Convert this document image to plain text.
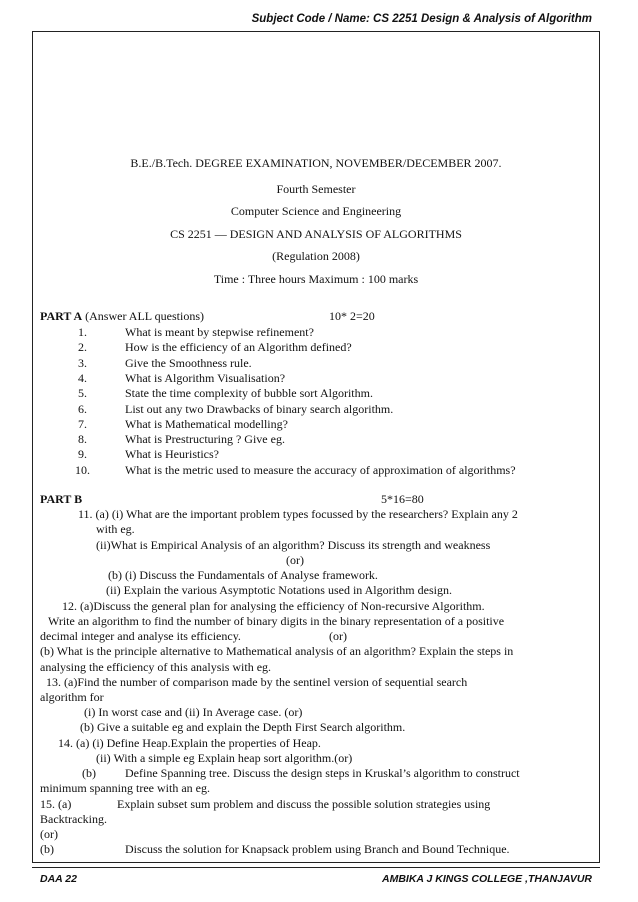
Subject Code / Name: CS 2251 Design & Analysis of Algorithm
B.E./B.Tech. DEGREE EXAMINATION, NOVEMBER/DECEMBER 2007.
Fourth Semester
Computer Science and Engineering
CS 2251 — DESIGN AND ANALYSIS OF ALGORITHMS
(Regulation 2008)
Time : Three hours Maximum : 100 marks
PART A (Answer ALL questions)	10* 2=20
1.	What is meant by stepwise refinement?
2.	How is the efficiency of an Algorithm defined?
3.	Give the Smoothness rule.
4.	What is Algorithm Visualisation?
5.	State the time complexity of bubble sort Algorithm.
6.	List out any two Drawbacks of binary search algorithm.
7.	What is Mathematical modelling?
8.	What is Prestructuring ? Give eg.
9.	What is Heuristics?
10.	What is the metric used to measure the accuracy of approximation of algorithms?
PART B	5*16=80
11. (a) (i) What are the important problem types focussed by the researchers? Explain any 2
with eg.
(ii)What is Empirical Analysis of an algorithm? Discuss its strength and weakness
(or)
(b) (i) Discuss the Fundamentals of Analyse framework.
(ii) Explain the various Asymptotic Notations used in Algorithm design.
12. (a)Discuss the general plan for analysing the efficiency of Non-recursive Algorithm.
Write an algorithm to find the number of binary digits in the binary representation of a positive
decimal integer and analyse its efficiency.	(or)
(b) What is the principle alternative to Mathematical analysis of an algorithm? Explain the steps in
analysing the efficiency of this analysis with eg.
13. (a)Find the number of comparison made by the sentinel version of sequential search
algorithm for
(i) In worst case and (ii) In Average case. (or)
(b) Give a suitable eg and explain the Depth First Search algorithm.
14. (a) (i) Define Heap.Explain the properties of Heap.
(ii) With a simple eg Explain heap sort algorithm.(or)
(b) Define Spanning tree. Discuss the design steps in Kruskal’s algorithm to construct
minimum spanning tree with an eg.
15. (a)	Explain subset sum problem and discuss the possible solution strategies using
Backtracking.
(or)
(b)	Discuss the solution for Knapsack problem using Branch and Bound Technique.
DAA 22	AMBIKA J KINGS COLLEGE ,THANJAVUR
